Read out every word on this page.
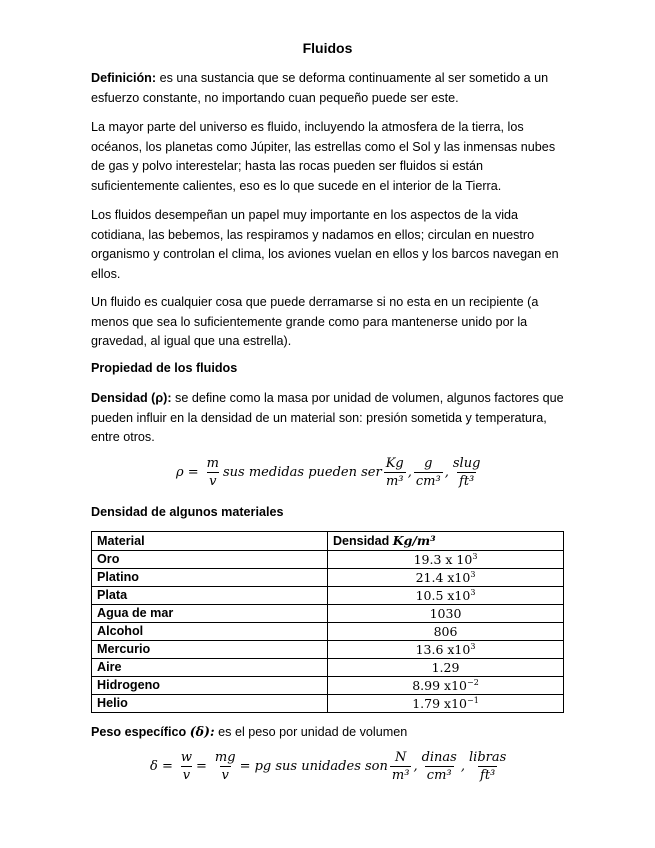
Fluidos

Definición: es una sustancia que se deforma continuamente al ser sometido a un esfuerzo constante, no importando cuan pequeño puede ser este.

La mayor parte del universo es fluido, incluyendo la atmosfera de la tierra, los océanos, los planetas como Júpiter, las estrellas como el Sol y las inmensas nubes de gas y polvo interestelar; hasta las rocas pueden ser fluidos si están suficientemente calientes, eso es lo que sucede en el interior de la Tierra.

Los fluidos desempeñan un papel muy importante en los aspectos de la vida cotidiana, las bebemos, las respiramos y nadamos en ellos; circulan en nuestro organismo y controlan el clima, los aviones vuelan en ellos y los barcos navegan en ellos.

Un fluido es cualquier cosa que puede derramarse si no esta en un recipiente (a menos que sea lo suficientemente grande como para mantenerse unido por la gravedad, al igual que una estrella).

Propiedad de los fluidos

Densidad (ρ): se define como la masa por unidad de volumen, algunos factores que pueden influir en la densidad de un material son: presión sometida y temperatura, entre otros.

$\rho = \frac{m}{v}$ sus medidas pueden ser $\frac{Kg}{\text{m³}}$ , $\frac{g}{\text{cm³}}$ , $\frac{\text{slug}}{\text{ft³}}$

Densidad de algunos materiales

Material	Densidad Kg/m³
Oro	19.3 x $10^3$
Platino	21.4 $x10^3$
Plata	10.5 $x10^3$
Agua de mar	1030
Alcohol	806
Mercurio	13.6 $x10^3$
Aire	1.29
Hidrogeno	8.99 $x10^{-2}$
Helio	1.79 $x10^{-1}$

Peso específico (δ): es el peso por unidad de volumen

$\delta = \frac{w}{v} = \frac{mg}{v}$ = pg sus unidades son $\frac{N}{\text{m³}}$ , $\frac{\text{dinas}}{\text{cm³}}$ , $\frac{\text{libras}}{\text{ft³}}$
